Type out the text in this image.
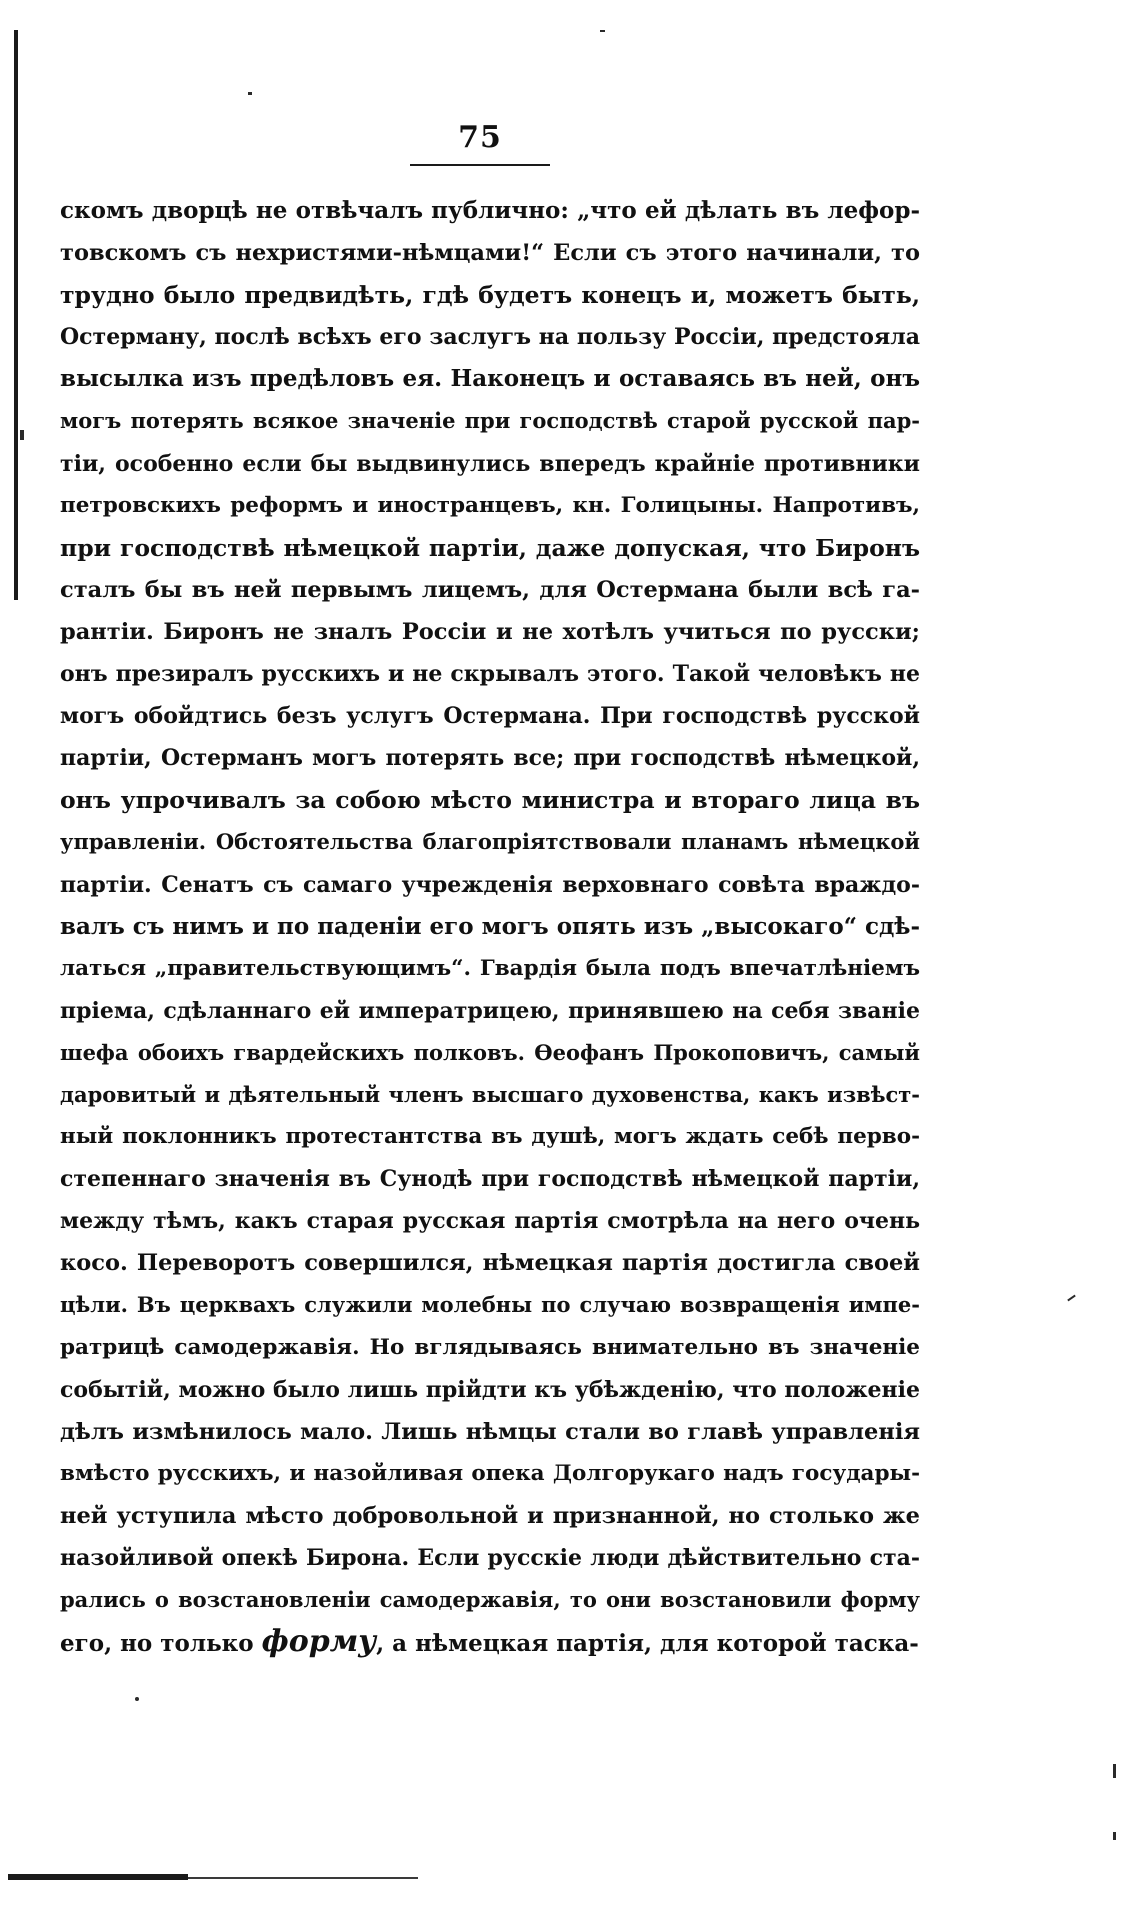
75
скомъ дворцѣ не отвѣчалъ публично: „что ей дѣлать въ лефор-
товскомъ съ нехристями-нѣмцами!“ Если съ этого начинали, то
трудно было предвидѣть, гдѣ будетъ конецъ и, можетъ быть,
Остерману, послѣ всѣхъ его заслугъ на пользу Россіи, предстояла
высылка изъ предѣловъ ея. Наконецъ и оставаясь въ ней, онъ
могъ потерять всякое значеніе при господствѣ старой русской пар-
тіи, особенно если бы выдвинулись впередъ крайніе противники
петровскихъ реформъ и иностранцевъ, кн. Голицыны. Напротивъ,
при господствѣ нѣмецкой партіи, даже допуская, что Биронъ
сталъ бы въ ней первымъ лицемъ, для Остермана были всѣ га-
рантіи. Биронъ не зналъ Россіи и не хотѣлъ учиться по русски;
онъ презиралъ русскихъ и не скрывалъ этого. Такой человѣкъ не
могъ обойдтись безъ услугъ Остермана. При господствѣ русской
партіи, Остерманъ могъ потерять все; при господствѣ нѣмецкой,
онъ упрочивалъ за собою мѣсто министра и втораго лица въ
управленіи. Обстоятельства благопріятствовали планамъ нѣмецкой
партіи. Сенатъ съ самаго учрежденія верховнаго совѣта враждо-
валъ съ нимъ и по паденіи его могъ опять изъ „высокаго“ сдѣ-
латься „правительствующимъ“. Гвардія была подъ впечатлѣніемъ
пріема, сдѣланнаго ей императрицею, принявшею на себя званіе
шефа обоихъ гвардейскихъ полковъ. Ѳеофанъ Прокоповичъ, самый
даровитый и дѣятельный членъ высшаго духовенства, какъ извѣст-
ный поклонникъ протестантства въ душѣ, могъ ждать себѣ перво-
степеннаго значенія въ Сунодѣ при господствѣ нѣмецкой партіи,
между тѣмъ, какъ старая русская партія смотрѣла на него очень
косо. Переворотъ совершился, нѣмецкая партія достигла своей
цѣли. Въ церквахъ служили молебны по случаю возвращенія импе-
ратрицѣ самодержавія. Но вглядываясь внимательно въ значеніе
событій, можно было лишь прійдти къ убѣжденію, что положеніе
дѣлъ измѣнилось мало. Лишь нѣмцы стали во главѣ управленія
вмѣсто русскихъ, и назойливая опека Долгорукаго надъ государы-
ней уступила мѣсто добровольной и признанной, но столько же
назойливой опекѣ Бирона. Если русскіе люди дѣйствительно ста-
рались о возстановленіи самодержавія, то они возстановили форму
его, но только форму, а нѣмецкая партія, для которой таска-
